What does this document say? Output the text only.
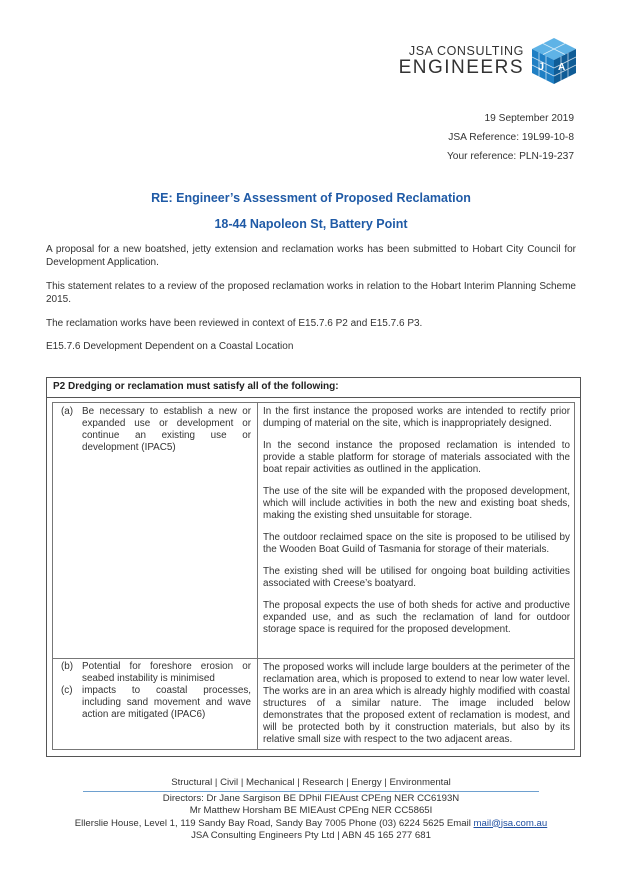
JSA CONSULTING
ENGINEERS J A
19 September 2019
JSA Reference: 19L99-10-8
Your reference: PLN-19-237
RE: Engineer’s Assessment of Proposed Reclamation
18-44 Napoleon St, Battery Point
A proposal for a new boatshed, jetty extension and reclamation works has been submitted to Hobart City Council for Development Application.
This statement relates to a review of the proposed reclamation works in relation to the Hobart Interim Planning Scheme 2015.
The reclamation works have been reviewed in context of E15.7.6 P2 and E15.7.6 P3.
E15.7.6 Development Dependent on a Coastal Location
P2 Dredging or reclamation must satisfy all of the following:
(a) Be necessary to establish a new or expanded use or development or continue an existing use or development (IPAC5)

In the first instance the proposed works are intended to rectify prior dumping of material on the site, which is inappropriately designed.

In the second instance the proposed reclamation is intended to provide a stable platform for storage of materials associated with the boat repair activities as outlined in the application.

The use of the site will be expanded with the proposed development, which will include activities in both the new and existing boat sheds, making the existing shed unsuitable for storage.

The outdoor reclaimed space on the site is proposed to be utilised by the Wooden Boat Guild of Tasmania for storage of their materials.

The existing shed will be utilised for ongoing boat building activities associated with Creese’s boatyard.

The proposal expects the use of both sheds for active and productive expanded use, and as such the reclamation of land for outdoor storage space is required for the proposed development.

(b) Potential for foreshore erosion or seabed instability is minimised
(c) impacts to coastal processes, including sand movement and wave action are mitigated (IPAC6)

The proposed works will include large boulders at the perimeter of the reclamation area, which is proposed to extend to near low water level. The works are in an area which is already highly modified with coastal structures of a similar nature. The image included below demonstrates that the proposed extent of reclamation is modest, and will be protected both by it construction materials, but also by its relative small size with respect to the two adjacent areas.

Structural | Civil | Mechanical | Research | Energy | Environmental
Directors: Dr Jane Sargison BE DPhil FIEAust CPEng NER CC6193N
Mr Matthew Horsham BE MIEAust CPEng NER CC5865I
Ellerslie House, Level 1, 119 Sandy Bay Road, Sandy Bay 7005 Phone (03) 6224 5625 Email mail@jsa.com.au
JSA Consulting Engineers Pty Ltd | ABN 45 165 277 681
